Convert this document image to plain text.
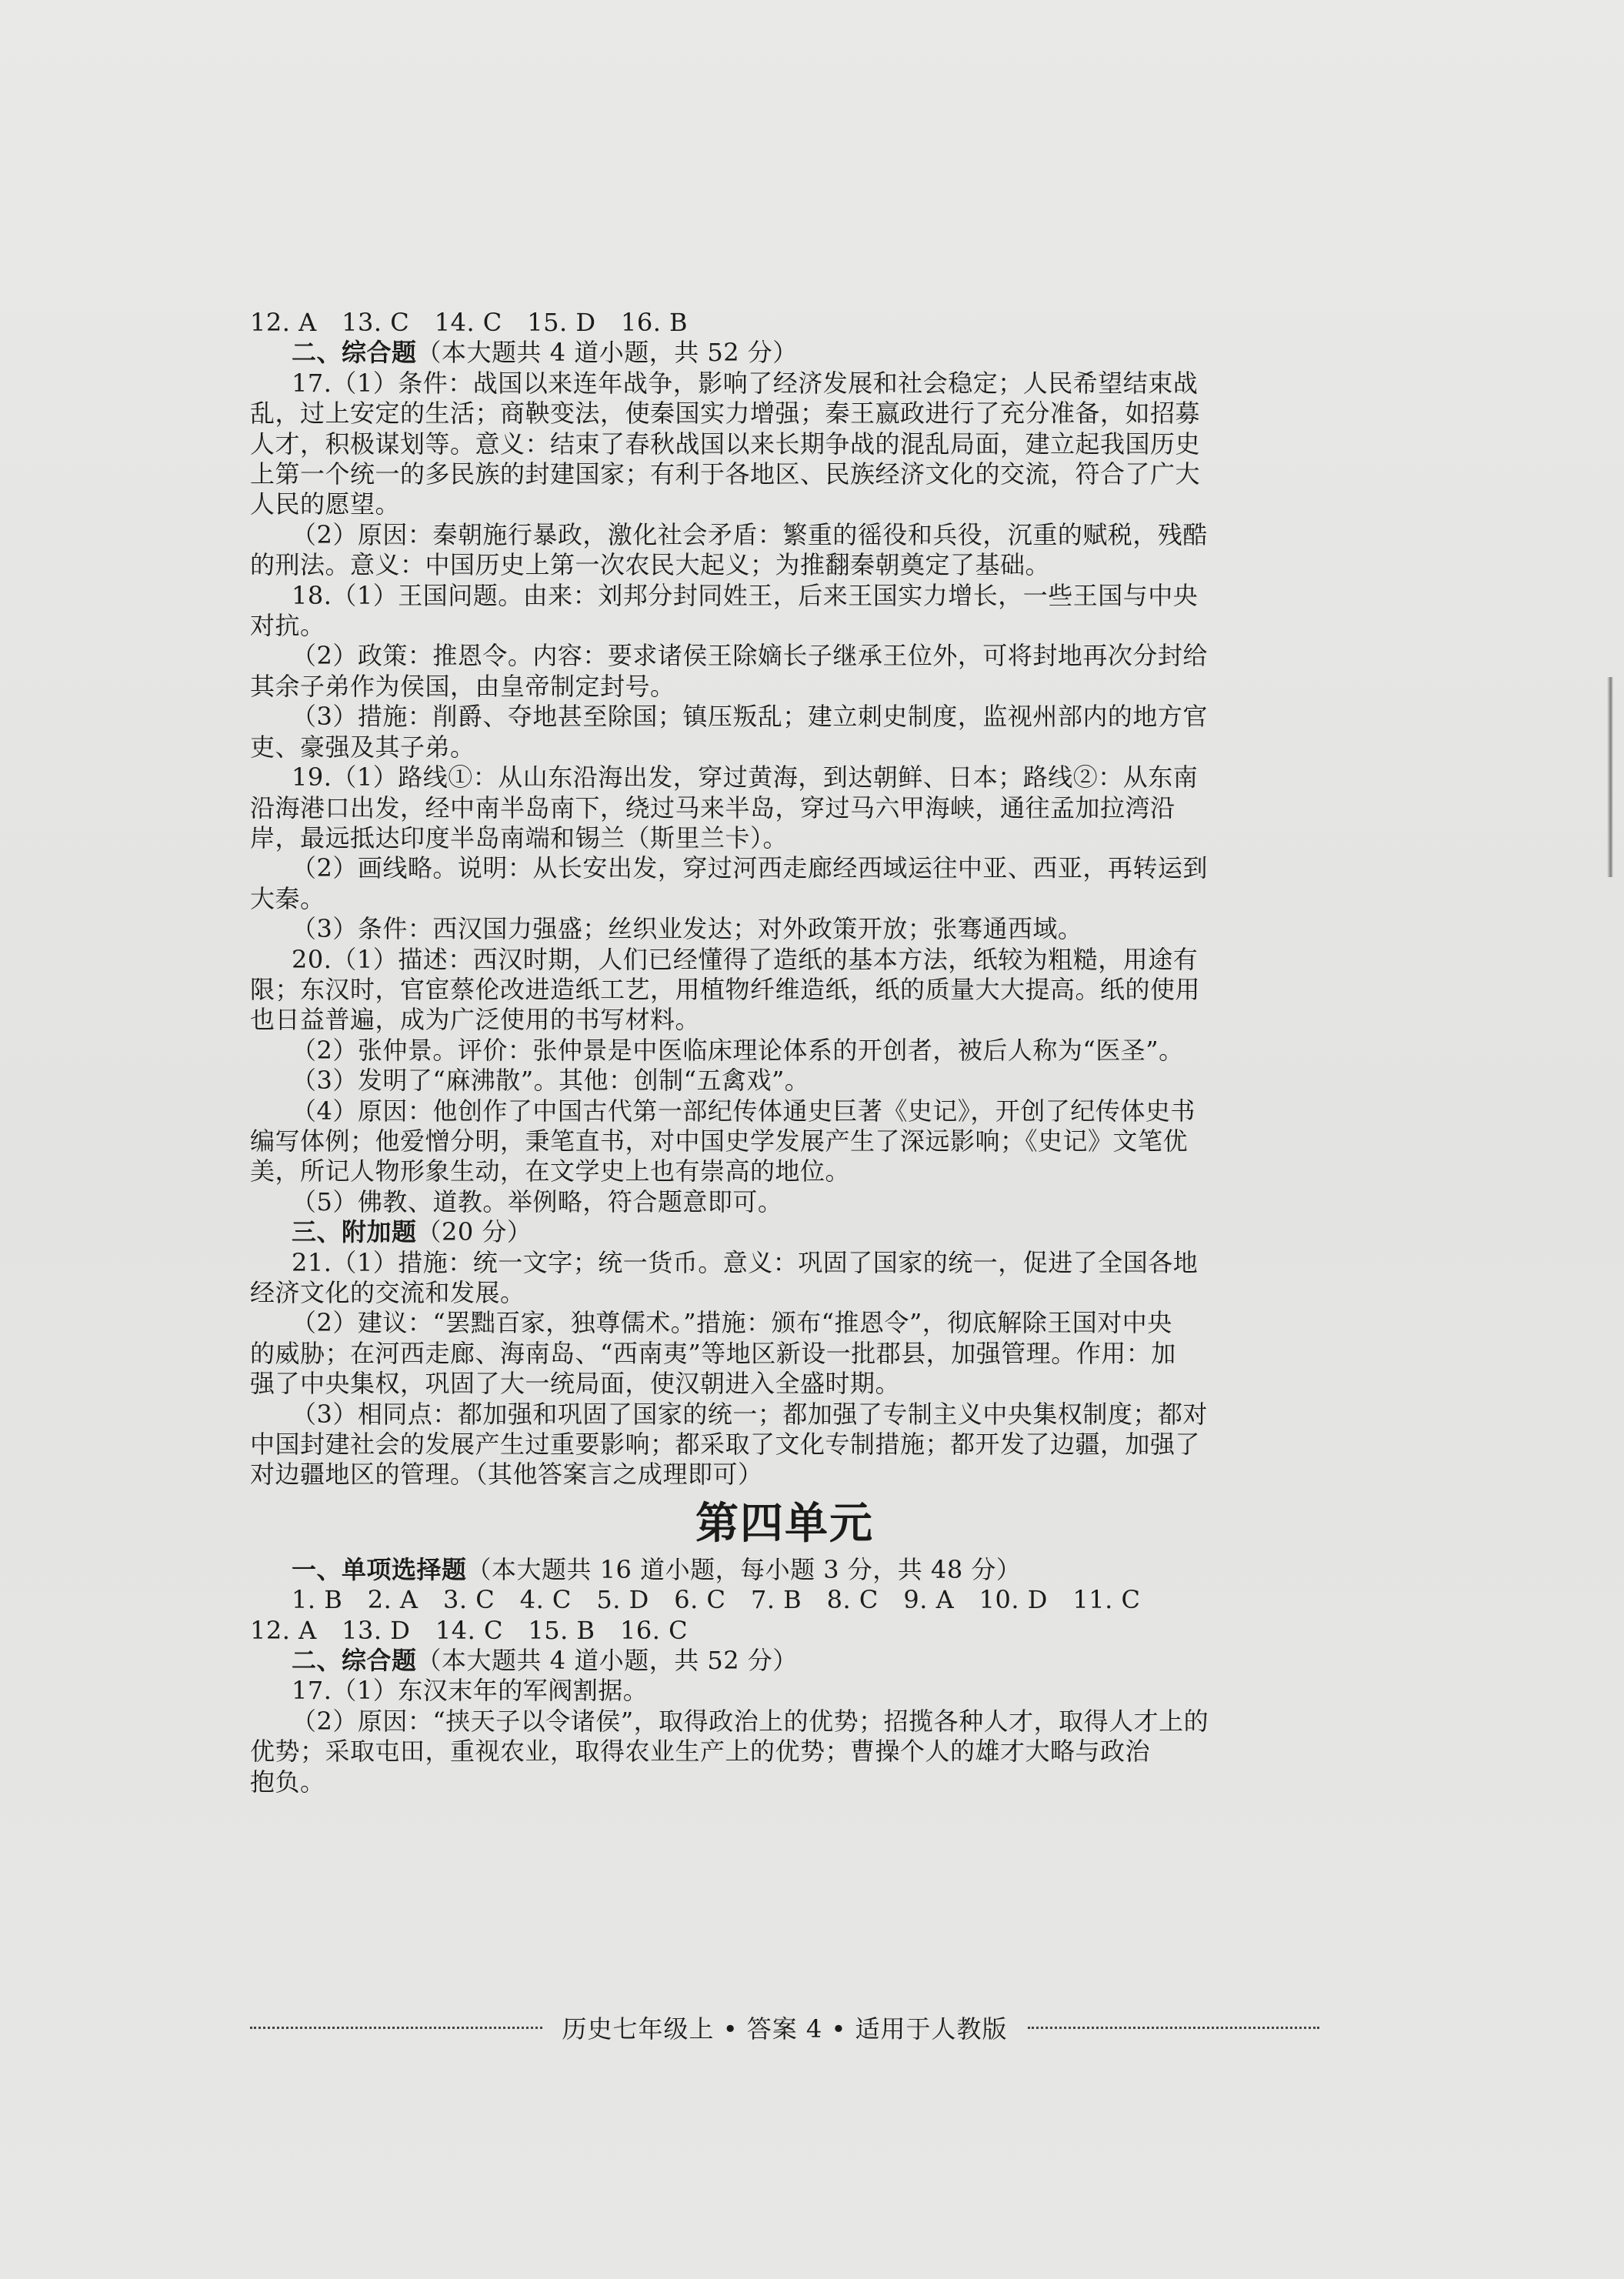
12. A　13. C　14. C　15. D　16. B
二、综合题（本大题共 4 道小题，共 52 分）
17.（1）条件：战国以来连年战争，影响了经济发展和社会稳定；人民希望结束战
乱，过上安定的生活；商鞅变法，使秦国实力增强；秦王嬴政进行了充分准备，如招募
人才，积极谋划等。意义：结束了春秋战国以来长期争战的混乱局面，建立起我国历史
上第一个统一的多民族的封建国家；有利于各地区、民族经济文化的交流，符合了广大
人民的愿望。
（2）原因：秦朝施行暴政，激化社会矛盾：繁重的徭役和兵役，沉重的赋税，残酷
的刑法。意义：中国历史上第一次农民大起义；为推翻秦朝奠定了基础。
18.（1）王国问题。由来：刘邦分封同姓王，后来王国实力增长，一些王国与中央
对抗。
（2）政策：推恩令。内容：要求诸侯王除嫡长子继承王位外，可将封地再次分封给
其余子弟作为侯国，由皇帝制定封号。
（3）措施：削爵、夺地甚至除国；镇压叛乱；建立刺史制度，监视州部内的地方官
吏、豪强及其子弟。
19.（1）路线①：从山东沿海出发，穿过黄海，到达朝鲜、日本；路线②：从东南
沿海港口出发，经中南半岛南下，绕过马来半岛，穿过马六甲海峡，通往孟加拉湾沿
岸，最远抵达印度半岛南端和锡兰（斯里兰卡）。
（2）画线略。说明：从长安出发，穿过河西走廊经西域运往中亚、西亚，再转运到
大秦。
（3）条件：西汉国力强盛；丝织业发达；对外政策开放；张骞通西域。
20.（1）描述：西汉时期，人们已经懂得了造纸的基本方法，纸较为粗糙，用途有
限；东汉时，官宦蔡伦改进造纸工艺，用植物纤维造纸，纸的质量大大提高。纸的使用
也日益普遍，成为广泛使用的书写材料。
（2）张仲景。评价：张仲景是中医临床理论体系的开创者，被后人称为“医圣”。
（3）发明了“麻沸散”。其他：创制“五禽戏”。
（4）原因：他创作了中国古代第一部纪传体通史巨著《史记》，开创了纪传体史书
编写体例；他爱憎分明，秉笔直书，对中国史学发展产生了深远影响；《史记》文笔优
美，所记人物形象生动，在文学史上也有崇高的地位。
（5）佛教、道教。举例略，符合题意即可。
三、附加题（20 分）
21.（1）措施：统一文字；统一货币。意义：巩固了国家的统一，促进了全国各地
经济文化的交流和发展。
（2）建议：“罢黜百家，独尊儒术。”措施：颁布“推恩令”，彻底解除王国对中央
的威胁；在河西走廊、海南岛、“西南夷”等地区新设一批郡县，加强管理。作用：加
强了中央集权，巩固了大一统局面，使汉朝进入全盛时期。
（3）相同点：都加强和巩固了国家的统一；都加强了专制主义中央集权制度；都对
中国封建社会的发展产生过重要影响；都采取了文化专制措施；都开发了边疆，加强了
对边疆地区的管理。（其他答案言之成理即可）
第四单元
一、单项选择题（本大题共 16 道小题，每小题 3 分，共 48 分）
1. B　2. A　3. C　4. C　5. D　6. C　7. B　8. C　9. A　10. D　11. C
12. A　13. D　14. C　15. B　16. C
二、综合题（本大题共 4 道小题，共 52 分）
17.（1）东汉末年的军阀割据。
（2）原因：“挟天子以令诸侯”，取得政治上的优势；招揽各种人才，取得人才上的
优势；采取屯田，重视农业，取得农业生产上的优势；曹操个人的雄才大略与政治
抱负。
历史七年级上 • 答案 4 • 适用于人教版
